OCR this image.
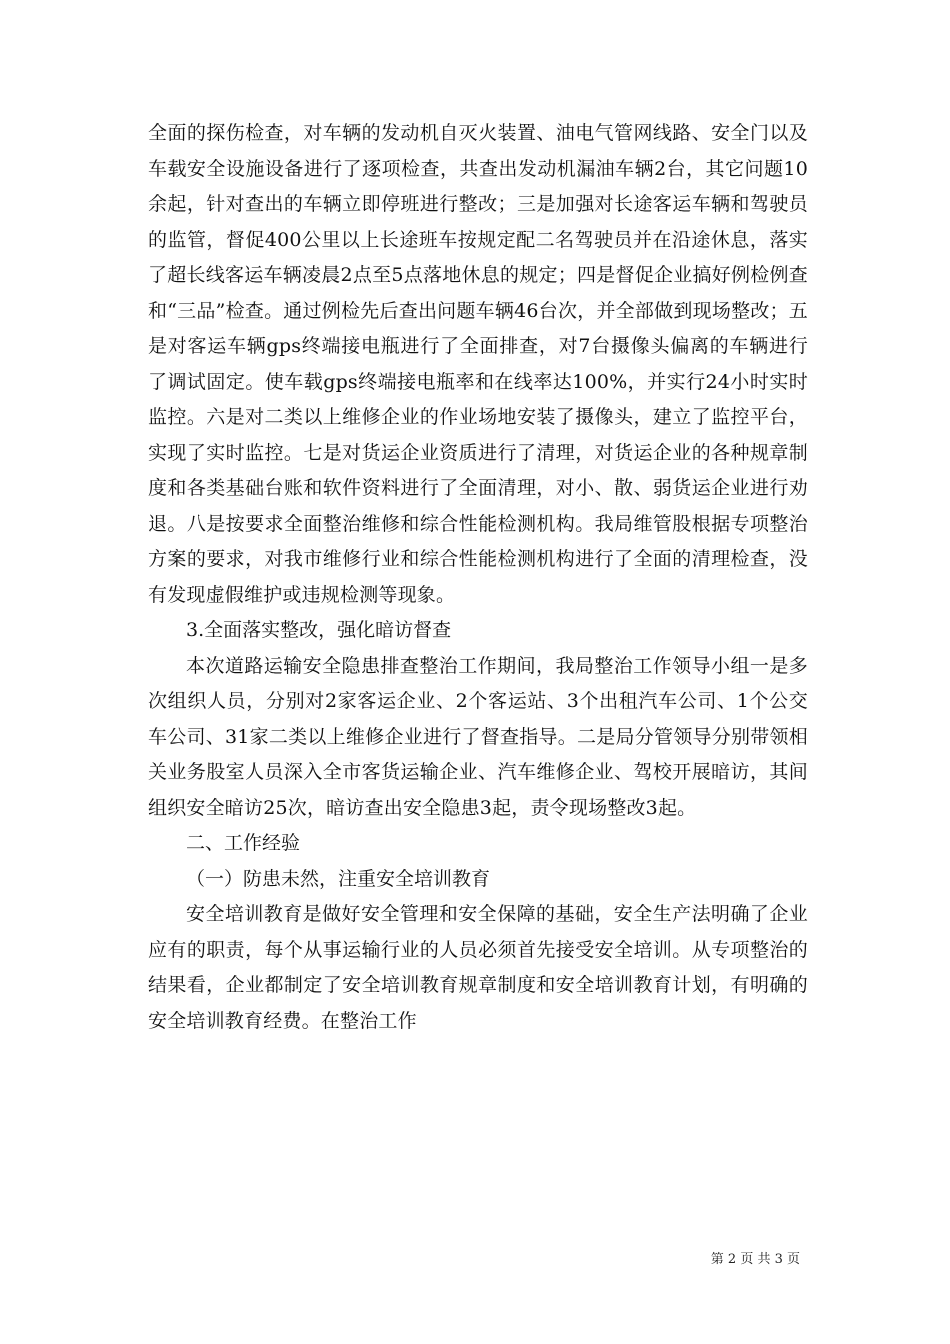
全面的探伤检查，对车辆的发动机自灭火装置、油电气管网线路、安全门以及车载安全设施设备进行了逐项检查，共查出发动机漏油车辆2台，其它问题10余起，针对查出的车辆立即停班进行整改；三是加强对长途客运车辆和驾驶员的监管，督促400公里以上长途班车按规定配二名驾驶员并在沿途休息，落实了超长线客运车辆凌晨2点至5点落地休息的规定；四是督促企业搞好例检例查和“三品”检查。通过例检先后查出问题车辆46台次，并全部做到现场整改；五是对客运车辆gps终端接电瓶进行了全面排查，对7台摄像头偏离的车辆进行了调试固定。使车载gps终端接电瓶率和在线率达100%，并实行24小时实时监控。六是对二类以上维修企业的作业场地安装了摄像头，建立了监控平台，实现了实时监控。七是对货运企业资质进行了清理，对货运企业的各种规章制度和各类基础台账和软件资料进行了全面清理，对小、散、弱货运企业进行劝退。八是按要求全面整治维修和综合性能检测机构。我局维管股根据专项整治方案的要求，对我市维修行业和综合性能检测机构进行了全面的清理检查，没有发现虚假维护或违规检测等现象。

3.全面落实整改，强化暗访督查

本次道路运输安全隐患排查整治工作期间，我局整治工作领导小组一是多次组织人员，分别对2家客运企业、2个客运站、3个出租汽车公司、1个公交车公司、31家二类以上维修企业进行了督查指导。二是局分管领导分别带领相关业务股室人员深入全市客货运输企业、汽车维修企业、驾校开展暗访，其间组织安全暗访25次，暗访查出安全隐患3起，责令现场整改3起。

二、工作经验

（一）防患未然，注重安全培训教育

安全培训教育是做好安全管理和安全保障的基础，安全生产法明确了企业应有的职责，每个从事运输行业的人员必须首先接受安全培训。从专项整治的结果看，企业都制定了安全培训教育规章制度和安全培训教育计划，有明确的安全培训教育经费。在整治工作

第 2 页 共 3 页
